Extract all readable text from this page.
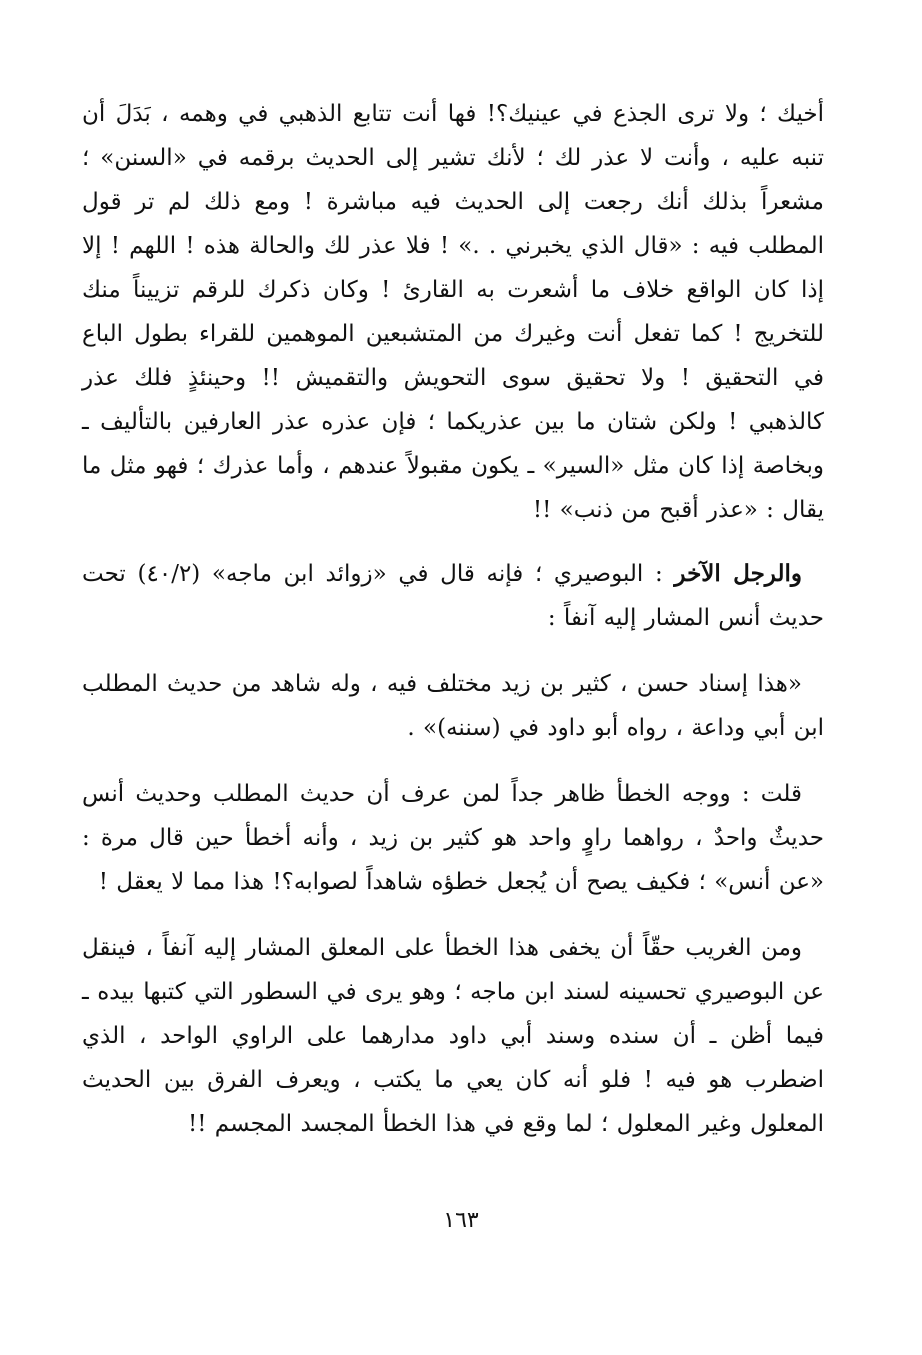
أخيك ؛ ولا ترى الجذع في عينيك؟! فها أنت تتابع الذهبي في وهمه ، بَدَلَ أن تنبه عليه ، وأنت لا عذر لك ؛ لأنك تشير إلى الحديث برقمه في «السنن» ؛ مشعراً بذلك أنك رجعت إلى الحديث فيه مباشرة ! ومع ذلك لم تر قول المطلب فيه : «قال الذي يخبرني . .» ! فلا عذر لك والحالة هذه ! اللهم ! إلا إذا كان الواقع خلاف ما أشعرت به القارئ ! وكان ذكرك للرقم تزييناً منك للتخريج ! كما تفعل أنت وغيرك من المتشبعين الموهمين للقراء بطول الباع في التحقيق ! ولا تحقيق سوى التحويش والتقميش !! وحينئذٍ فلك عذر كالذهبي ! ولكن شتان ما بين عذريكما ؛ فإن عذره عذر العارفين بالتأليف ـ وبخاصة إذا كان مثل «السير» ـ يكون مقبولاً عندهم ، وأما عذرك ؛ فهو مثل ما يقال : «عذر أقبح من ذنب» !!

والرجل الآخر : البوصيري ؛ فإنه قال في «زوائد ابن ماجه» (٤٠/٢) تحت حديث أنس المشار إليه آنفاً :

«هذا إسناد حسن ، كثير بن زيد مختلف فيه ، وله شاهد من حديث المطلب ابن أبي وداعة ، رواه أبو داود في (سننه)» .

قلت : ووجه الخطأ ظاهر جداً لمن عرف أن حديث المطلب وحديث أنس حديثٌ واحدٌ ، رواهما راوٍ واحد هو كثير بن زيد ، وأنه أخطأ حين قال مرة : «عن أنس» ؛ فكيف يصح أن يُجعل خطؤه شاهداً لصوابه؟! هذا مما لا يعقل !

ومن الغريب حقّاً أن يخفى هذا الخطأ على المعلق المشار إليه آنفاً ، فينقل عن البوصيري تحسينه لسند ابن ماجه ؛ وهو يرى في السطور التي كتبها بيده ـ فيما أظن ـ أن سنده وسند أبي داود مدارهما على الراوي الواحد ، الذي اضطرب هو فيه ! فلو أنه كان يعي ما يكتب ، ويعرف الفرق بين الحديث المعلول وغير المعلول ؛ لما وقع في هذا الخطأ المجسد المجسم !!

١٦٣
